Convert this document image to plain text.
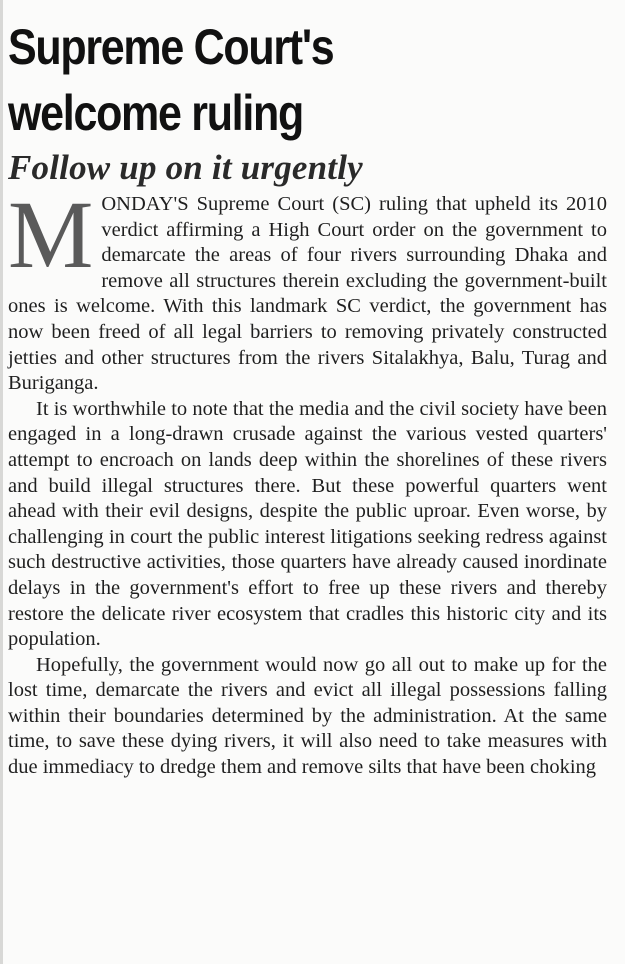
Supreme Court's
welcome ruling
Follow up on it urgently

MONDAY'S Supreme Court (SC) ruling that upheld its 2010 verdict affirming a High Court order on the government to demarcate the areas of four rivers surrounding Dhaka and remove all structures therein excluding the government-built ones is welcome. With this landmark SC verdict, the government has now been freed of all legal barriers to removing privately constructed jetties and other structures from the rivers Sitalakhya, Balu, Turag and Buriganga.

It is worthwhile to note that the media and the civil society have been engaged in a long-drawn crusade against the various vested quarters' attempt to encroach on lands deep within the shorelines of these rivers and build illegal structures there. But these powerful quarters went ahead with their evil designs, despite the public uproar. Even worse, by challenging in court the public interest litigations seeking redress against such destructive activities, those quarters have already caused inordinate delays in the government's effort to free up these rivers and thereby restore the delicate river ecosystem that cradles this historic city and its population.

Hopefully, the government would now go all out to make up for the lost time, demarcate the rivers and evict all illegal possessions falling within their boundaries determined by the administration. At the same time, to save these dying rivers, it will also need to take measures with due immediacy to dredge them and remove silts that have been choking
